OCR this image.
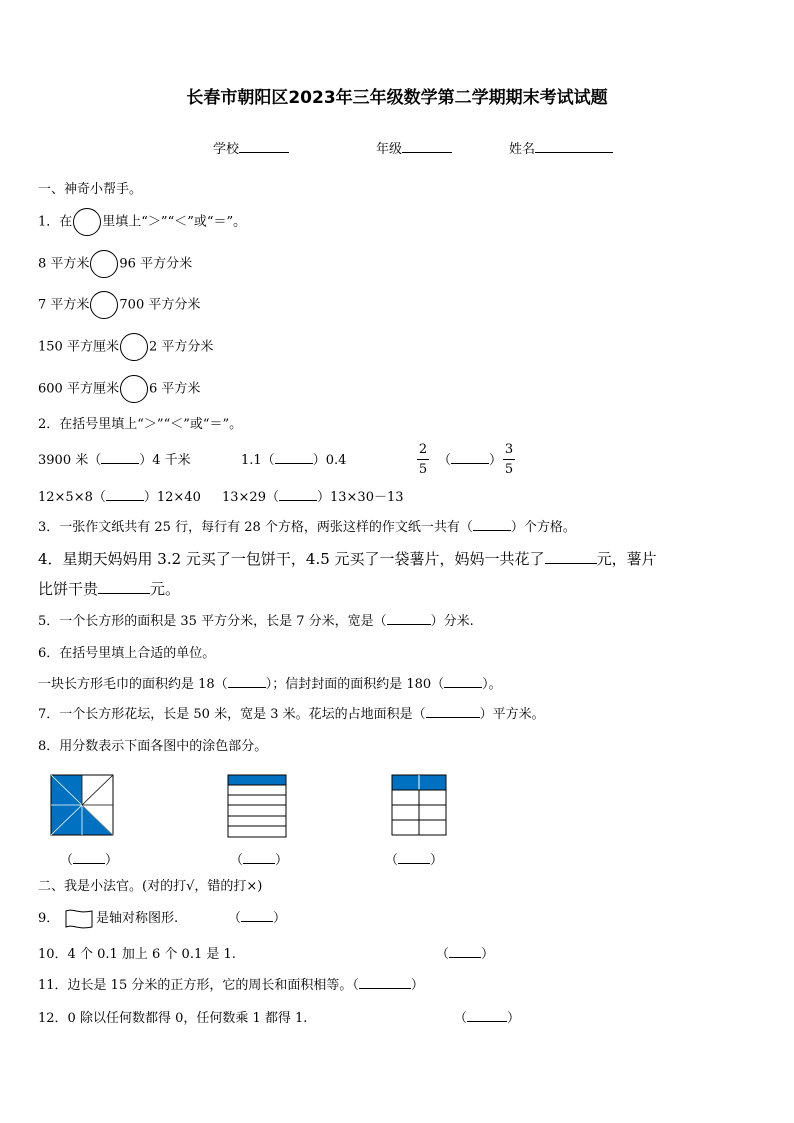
长春市朝阳区2023年三年级数学第二学期期末考试试题
学校	年级	姓名
一、神奇小帮手。
1．在 里填上“＞”“＜”或“＝”。
8 平方米 96 平方分米
7 平方米 700 平方分米
150 平方厘米 2 平方分米
600 平方厘米 6 平方米
2．在括号里填上“＞”“＜”或“＝”。
3900 米（	）4 千米	1.1（	）0.4
2
5
（	）
3
5
12×5×8（	）12×40 13×29（	）13×30－13
3．一张作文纸共有 25 行，每行有 28 个方格，两张这样的作文纸一共有（	）个方格。
4．星期天妈妈用 3.2 元买了一包饼干，4.5 元买了一袋薯片，妈妈一共花了	元，薯片
比饼干贵	元。
5．一个长方形的面积是 35 平方分米，长是 7 分米，宽是（	）分米.
6．在括号里填上合适的单位。
一块长方形毛巾的面积约是 18（	）；信封封面的面积约是 180（	）。
7．一个长方形花坛，长是 50 米，宽是 3 米。花坛的占地面积是（	）平方米。
8．用分数表示下面各图中的涂色部分。
（ ）	（ ）	（ ）
二、我是小法官。(对的打√，错的打×)
9．	是轴对称图形.	（ ）
10．4 个 0.1 加上 6 个 0.1 是 1.	（ ）
11．边长是 15 分米的正方形，它的周长和面积相等。（	）
12．0 除以任何数都得 0，任何数乘 1 都得 1.	（	）
